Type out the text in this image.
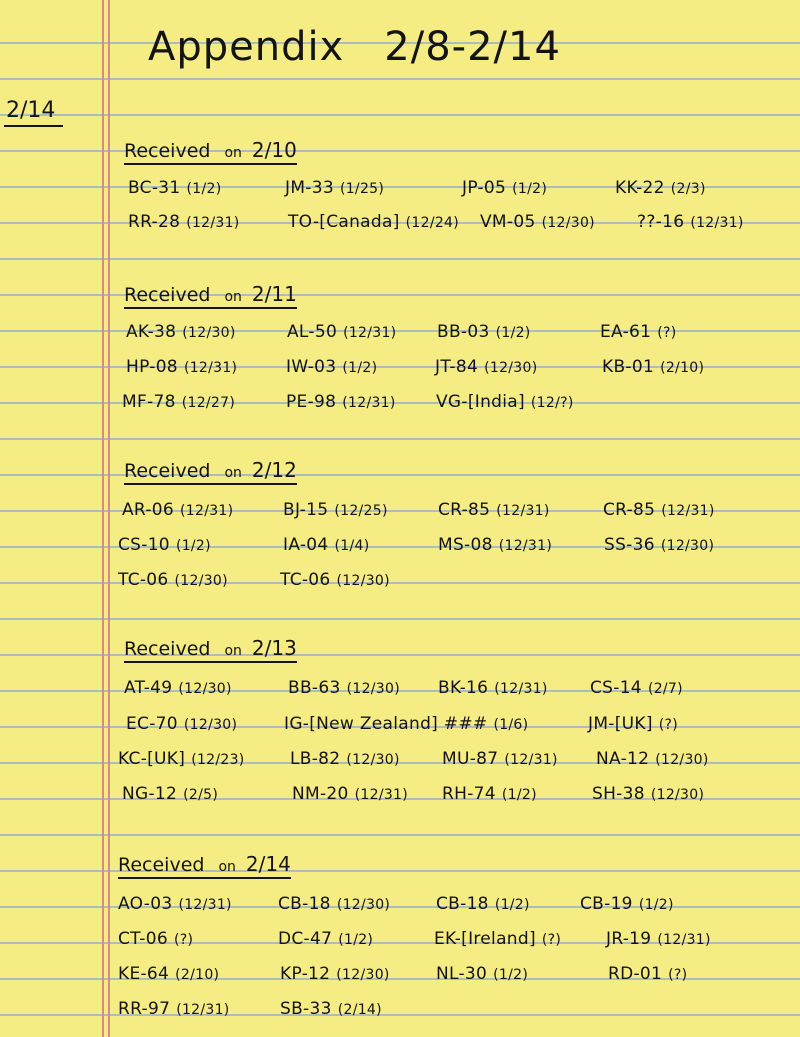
Appendix 2/8-2/14
2/14
Received on 2/10
BC-31 (1/2)	JM-33 (1/25)	JP-05 (1/2)	KK-22 (2/3)
RR-28 (12/31)	TO-[Canada] (12/24) VM-05 (12/30) ??-16 (12/31)
Received on 2/11
AK-38 (12/30)	AL-50 (12/31) BB-03 (1/2)	EA-61 (?)
HP-08 (12/31)	IW-03 (1/2)	JT-84 (12/30)	KB-01 (2/10)
MF-78 (12/27)	PE-98 (12/31) VG-[India] (12/?)
Received on 2/12
AR-06 (12/31)	BJ-15 (12/25)	CR-85 (12/31)	CR-85 (12/31)
CS-10 (1/2)	IA-04 (1/4)	MS-08 (12/31)	SS-36 (12/30)
TC-06 (12/30)	TC-06 (12/30)
Received on 2/13
AT-49 (12/30)	BB-63 (12/30) BK-16 (12/31) CS-14 (2/7)
EC-70 (12/30)	IG-[New Zealand] ### (1/6)	JM-[UK] (?)
KC-[UK] (12/23)	LB-82 (12/30) MU-87 (12/31) NA-12 (12/30)
NG-12 (2/5)	NM-20 (12/31) RH-74 (1/2)	SH-38 (12/30)
Received on 2/14
AO-03 (12/31)	CB-18 (12/30)	CB-18 (1/2)	CB-19 (1/2)
CT-06 (?)	DC-47 (1/2)	EK-[Ireland] (?)	JR-19 (12/31)
KE-64 (2/10)	KP-12 (12/30)	NL-30 (1/2)	RD-01 (?)
RR-97 (12/31)	SB-33 (2/14)
